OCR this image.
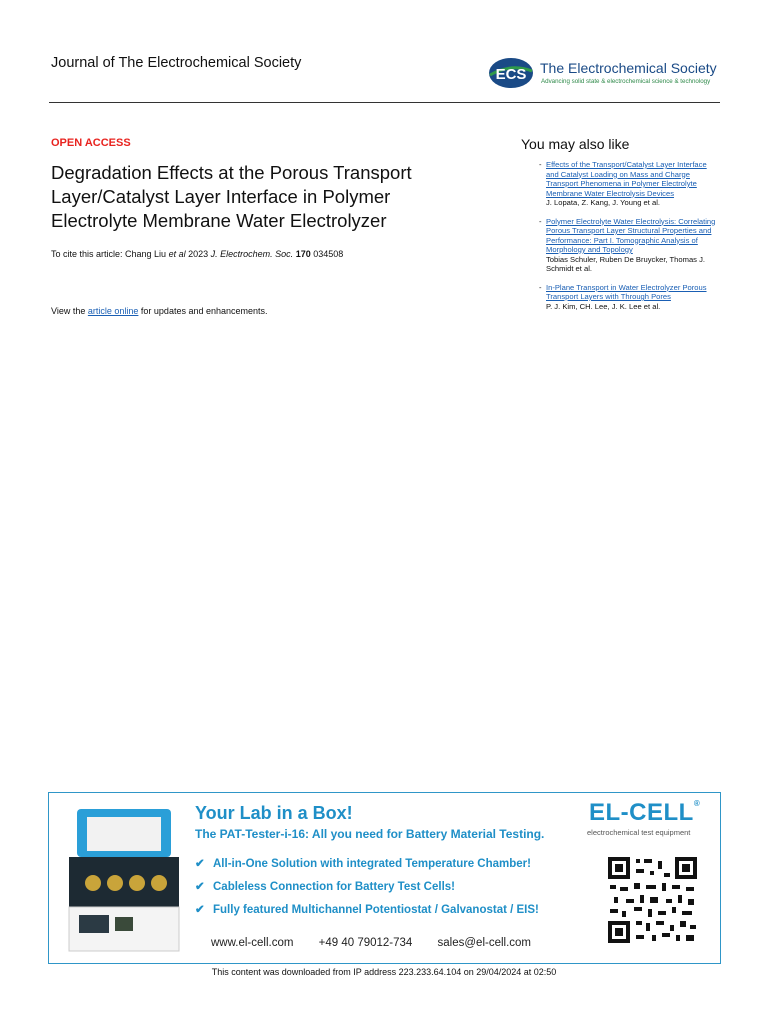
Journal of The Electrochemical Society
ECS The Electrochemical Society
Advancing solid state & electrochemical science & technology
OPEN ACCESS
Degradation Effects at the Porous Transport Layer/Catalyst Layer Interface in Polymer Electrolyte Membrane Water Electrolyzer
To cite this article: Chang Liu et al 2023 J. Electrochem. Soc. 170 034508
View the article online for updates and enhancements.
You may also like
- Effects of the Transport/Catalyst Layer Interface and Catalyst Loading on Mass and Charge Transport Phenomena in Polymer Electrolyte Membrane Water Electrolysis Devices
J. Lopata, Z. Kang, J. Young et al.
- Polymer Electrolyte Water Electrolysis: Correlating Porous Transport Layer Structural Properties and Performance: Part I. Tomographic Analysis of Morphology and Topology
Tobias Schuler, Ruben De Bruycker, Thomas J. Schmidt et al.
- In-Plane Transport in Water Electrolyzer Porous Transport Layers with Through Pores
P. J. Kim, CH. Lee, J. K. Lee et al.
Your Lab in a Box!
The PAT-Tester-i-16: All you need for Battery Material Testing.
✔ All-in-One Solution with integrated Temperature Chamber!
✔ Cableless Connection for Battery Test Cells!
✔ Fully featured Multichannel Potentiostat / Galvanostat / EIS!
www.el-cell.com +49 40 79012-734 sales@el-cell.com
EL-CELL®
electrochemical test equipment
This content was downloaded from IP address 223.233.64.104 on 29/04/2024 at 02:50
